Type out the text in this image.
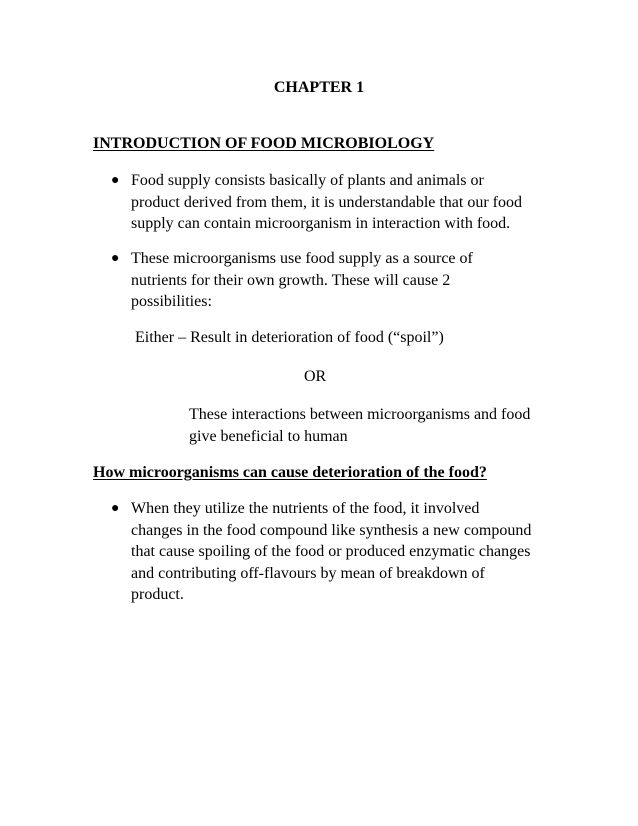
CHAPTER 1
INTRODUCTION OF FOOD MICROBIOLOGY
● Food supply consists basically of plants and animals or
product derived from them, it is understandable that our food
supply can contain microorganism in interaction with food.
● These microorganisms use food supply as a source of
nutrients for their own growth. These will cause 2
possibilities:
Either – Result in deterioration of food (“spoil”)
OR
These interactions between microorganisms and food
give beneficial to human
How microorganisms can cause deterioration of the food?
● When they utilize the nutrients of the food, it involved
changes in the food compound like synthesis a new compound
that cause spoiling of the food or produced enzymatic changes
and contributing off-flavours by mean of breakdown of
product.
